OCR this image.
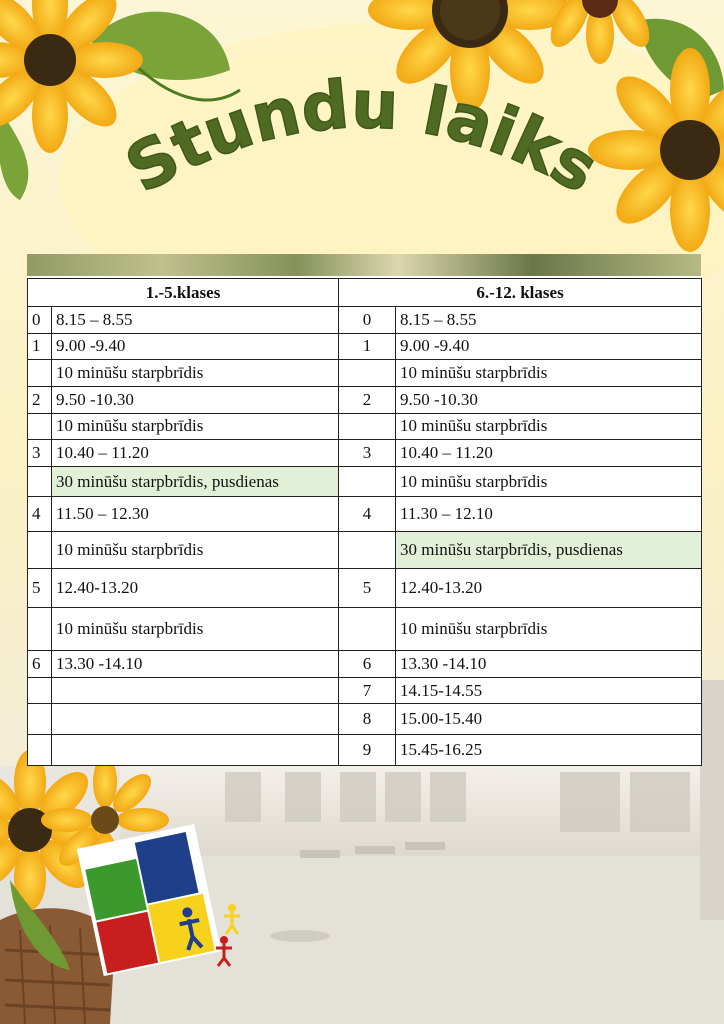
Stundu laiks
1.-5.klases		6.-12. klases	
0	8.15 – 8.55	0	8.15 – 8.55
1	9.00 -9.40	1	9.00 -9.40
	10 minūšu starpbrīdis		10 minūšu starpbrīdis
2	9.50 -10.30	2	9.50 -10.30
	10 minūšu starpbrīdis		10 minūšu starpbrīdis
3	10.40 – 11.20	3	10.40 – 11.20
	30 minūšu starpbrīdis, pusdienas		10 minūšu starpbrīdis
4	11.50 – 12.30	4	11.30 – 12.10
	10 minūšu starpbrīdis		30 minūšu starpbrīdis, pusdienas
5	12.40-13.20	5	12.40-13.20
	10 minūšu starpbrīdis		10 minūšu starpbrīdis
6	13.30 -14.10	6	13.30 -14.10
		7	14.15-14.55
		8	15.00-15.40
		9	15.45-16.25
